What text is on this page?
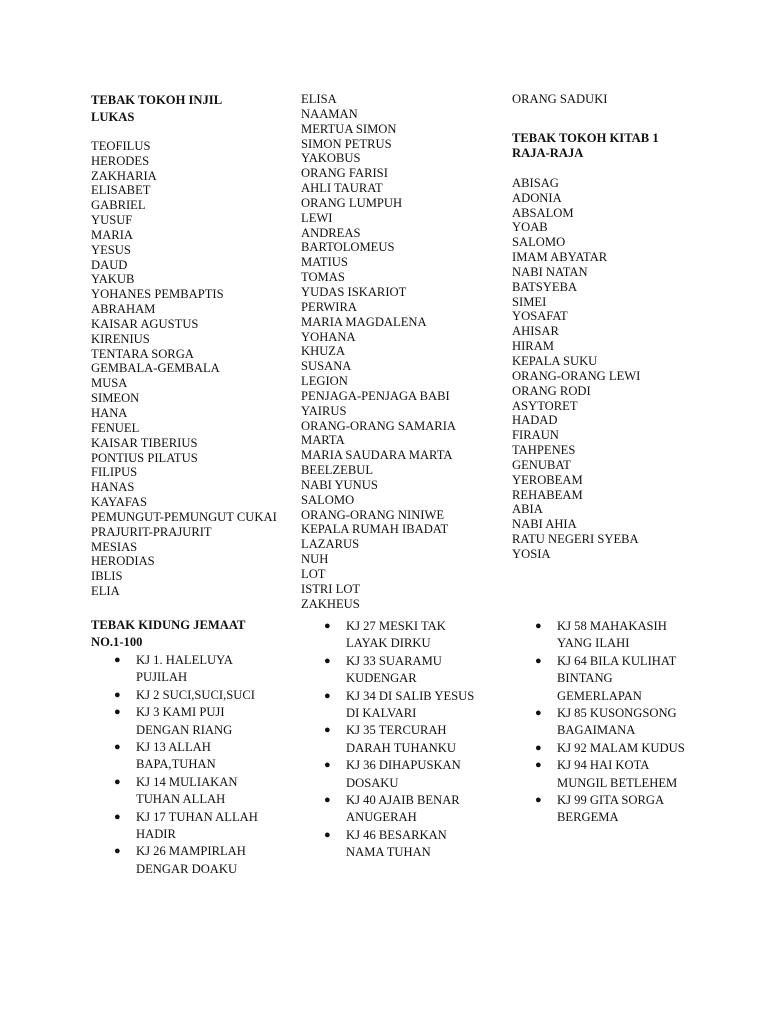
TEBAK TOKOH INJIL LUKAS
TEOFILUS
HERODES
ZAKHARIA
ELISABET
GABRIEL
YUSUF
MARIA
YESUS
DAUD
YAKUB
YOHANES PEMBAPTIS
ABRAHAM
KAISAR AGUSTUS
KIRENIUS
TENTARA SORGA
GEMBALA-GEMBALA
MUSA
SIMEON
HANA
FENUEL
KAISAR TIBERIUS
PONTIUS PILATUS
FILIPUS
HANAS
KAYAFAS
PEMUNGUT-PEMUNGUT CUKAI
PRAJURIT-PRAJURIT
MESIAS
HERODIAS
IBLIS
ELIA
ELISA
NAAMAN
MERTUA SIMON
SIMON PETRUS
YAKOBUS
ORANG FARISI
AHLI TAURAT
ORANG LUMPUH
LEWI
ANDREAS
BARTOLOMEUS
MATIUS
TOMAS
YUDAS ISKARIOT
PERWIRA
MARIA MAGDALENA
YOHANA
KHUZA
SUSANA
LEGION
PENJAGA-PENJAGA BABI
YAIRUS
ORANG-ORANG SAMARIA
MARTA
MARIA SAUDARA MARTA
BEELZEBUL
NABI YUNUS
SALOMO
ORANG-ORANG NINIWE
KEPALA RUMAH IBADAT
LAZARUS
NUH
LOT
ISTRI LOT
ZAKHEUS
ORANG SADUKI
TEBAK TOKOH KITAB 1 RAJA-RAJA
ABISAG
ADONIA
ABSALOM
YOAB
SALOMO
IMAM ABYATAR
NABI NATAN
BATSYEBA
SIMEI
YOSAFAT
AHISAR
HIRAM
KEPALA SUKU
ORANG-ORANG LEWI
ORANG RODI
ASYTORET
HADAD
FIRAUN
TAHPENES
GENUBAT
YEROBEAM
REHABEAM
ABIA
NABI AHIA
RATU NEGERI SYEBA
YOSIA
TEBAK KIDUNG JEMAAT NO.1-100
● KJ 1. HALELUYA PUJILAH
● KJ 2 SUCI,SUCI,SUCI
● KJ 3 KAMI PUJI DENGAN RIANG
● KJ 13 ALLAH BAPA,TUHAN
● KJ 14 MULIAKAN TUHAN ALLAH
● KJ 17 TUHAN ALLAH HADIR
● KJ 26 MAMPIRLAH DENGAR DOAKU
● KJ 27 MESKI TAK LAYAK DIRKU
● KJ 33 SUARAMU KUDENGAR
● KJ 34 DI SALIB YESUS DI KALVARI
● KJ 35 TERCURAH DARAH TUHANKU
● KJ 36 DIHAPUSKAN DOSAKU
● KJ 40 AJAIB BENAR ANUGERAH
● KJ 46 BESARKAN NAMA TUHAN
● KJ 58 MAHAKASIH YANG ILAHI
● KJ 64 BILA KULIHAT BINTANG GEMERLAPAN
● KJ 85 KUSONGSONG BAGAIMANA
● KJ 92 MALAM KUDUS
● KJ 94 HAI KOTA MUNGIL BETLEHEM
● KJ 99 GITA SORGA BERGEMA
